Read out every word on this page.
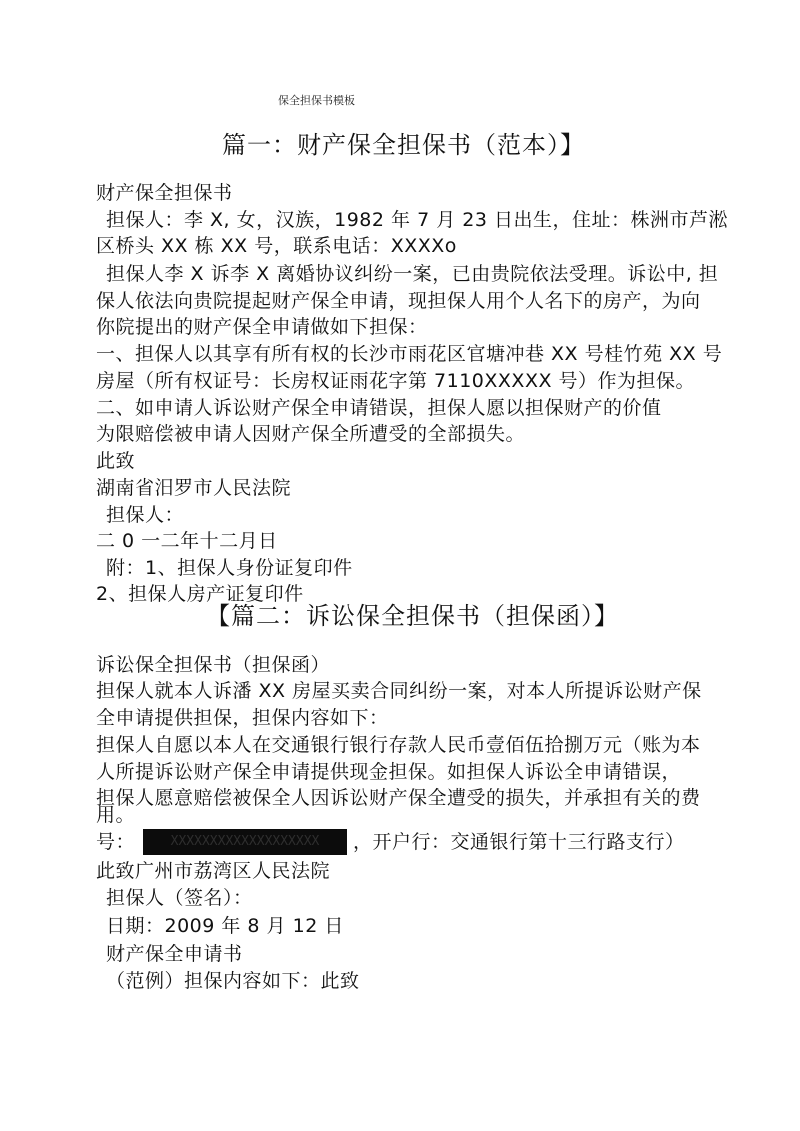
保全担保书模板
篇一：财产保全担保书（范本）】
财产保全担保书
担保人：李 X, 女，汉族，1982 年 7 月 23 日出生，住址：株洲市芦淞
区桥头 XX 栋 XX 号，联系电话：XXXXo
担保人李 X 诉李 X 离婚协议纠纷一案，已由贵院依法受理。诉讼中, 担
保人依法向贵院提起财产保全申请，现担保人用个人名下的房产，为向
你院提出的财产保全申请做如下担保：
一、担保人以其享有所有权的长沙市雨花区官塘冲巷 XX 号桂竹苑 XX 号
房屋（所有权证号：长房权证雨花字第 7110XXXXX 号）作为担保。
二、如申请人诉讼财产保全申请错误，担保人愿以担保财产的价值
为限赔偿被申请人因财产保全所遭受的全部损失。
此致
湖南省汨罗市人民法院
担保人：
二 0 一二年十二月日
附：1、担保人身份证复印件
2、担保人房产证复印件
【篇二：诉讼保全担保书（担保函）】
诉讼保全担保书（担保函）
担保人就本人诉潘 XX 房屋买卖合同纠纷一案，对本人所提诉讼财产保
全申请提供担保，担保内容如下：
担保人自愿以本人在交通银行银行存款人民币壹佰伍拾捌万元（账为本
人所提诉讼财产保全申请提供现金担保。如担保人诉讼全申请错误，
担保人愿意赔偿被保全人因诉讼财产保全遭受的损失，并承担有关的费
用。
号：	XXXXXXXXXXXXXXXXXXX	，开户行：交通银行第十三行路支行）
此致广州市荔湾区人民法院
担保人（签名）：
日期：2009 年 8 月 12 日
财产保全申请书
（范例）担保内容如下：此致
